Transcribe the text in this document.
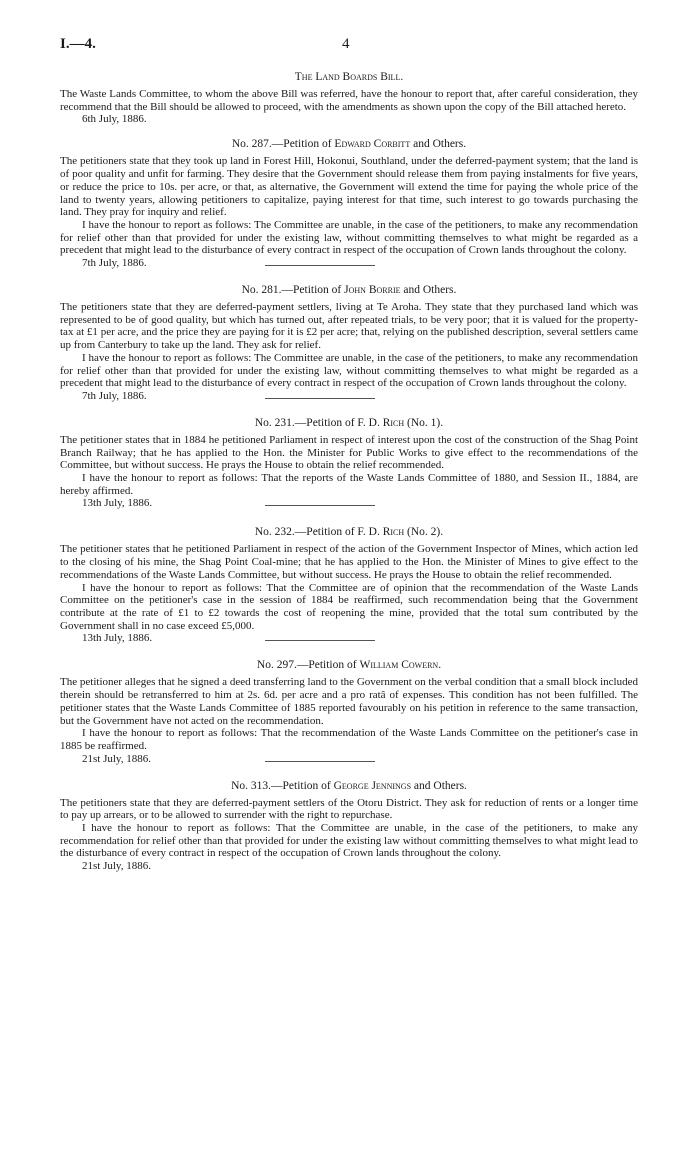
I.—4.	4
The Land Boards Bill.

The Waste Lands Committee, to whom the above Bill was referred, have the honour to report that, after careful consideration, they recommend that the Bill should be allowed to proceed, with the amendments as shown upon the copy of the Bill attached hereto.

6th July, 1886.
No. 287.—Petition of Edward Corbitt and Others.

The petitioners state that they took up land in Forest Hill, Hokonui, Southland, under the deferred-payment system; that the land is of poor quality and unfit for farming. They desire that the Government should release them from paying instalments for five years, or reduce the price to 10s. per acre, or that, as alternative, the Government will extend the time for paying the whole price of the land to twenty years, allowing petitioners to capitalize, paying interest for that time, such interest to go towards purchasing the land. They pray for inquiry and relief.

I have the honour to report as follows: The Committee are unable, in the case of the petitioners, to make any recommendation for relief other than that provided for under the existing law, without committing themselves to what might be regarded as a precedent that might lead to the disturbance of every contract in respect of the occupation of Crown lands throughout the colony.

7th July, 1886.
No. 281.—Petition of John Borrie and Others.

The petitioners state that they are deferred-payment settlers, living at Te Aroha. They state that they purchased land which was represented to be of good quality, but which has turned out, after repeated trials, to be very poor; that it is valued for the property-tax at £1 per acre, and the price they are paying for it is £2 per acre; that, relying on the published description, several settlers came up from Canterbury to take up the land. They ask for relief.

I have the honour to report as follows: The Committee are unable, in the case of the petitioners, to make any recommendation for relief other than that provided for under the existing law, without committing themselves to what might be regarded as a precedent that might lead to the disturbance of every contract in respect of the occupation of Crown lands throughout the colony.

7th July, 1886.
No. 231.—Petition of F. D. Rich (No. 1).

The petitioner states that in 1884 he petitioned Parliament in respect of interest upon the cost of the construction of the Shag Point Branch Railway; that he has applied to the Hon. the Minister for Public Works to give effect to the recommendations of the Committee, but without success. He prays the House to obtain the relief recommended.

I have the honour to report as follows: That the reports of the Waste Lands Committee of 1880, and Session II., 1884, are hereby affirmed.

13th July, 1886.
No. 232.—Petition of F. D. Rich (No. 2).

The petitioner states that he petitioned Parliament in respect of the action of the Government Inspector of Mines, which action led to the closing of his mine, the Shag Point Coal-mine; that he has applied to the Hon. the Minister of Mines to give effect to the recommendations of the Waste Lands Committee, but without success. He prays the House to obtain the relief recommended.

I have the honour to report as follows: That the Committee are of opinion that the recommendation of the Waste Lands Committee on the petitioner's case in the session of 1884 be reaffirmed, such recommendation being that the Government contribute at the rate of £1 to £2 towards the cost of reopening the mine, provided that the total sum contributed by the Government shall in no case exceed £5,000.

13th July, 1886.
No. 297.—Petition of William Cowern.

The petitioner alleges that he signed a deed transferring land to the Government on the verbal condition that a small block included therein should be retransferred to him at 2s. 6d. per acre and a pro ratâ of expenses. This condition has not been fulfilled. The petitioner states that the Waste Lands Committee of 1885 reported favourably on his petition in reference to the same transaction, but the Government have not acted on the recommendation.

I have the honour to report as follows: That the recommendation of the Waste Lands Committee on the petitioner's case in 1885 be reaffirmed.

21st July, 1886.
No. 313.—Petition of George Jennings and Others.

The petitioners state that they are deferred-payment settlers of the Otoru District. They ask for reduction of rents or a longer time to pay up arrears, or to be allowed to surrender with the right to repurchase.

I have the honour to report as follows: That the Committee are unable, in the case of the petitioners, to make any recommendation for relief other than that provided for under the existing law without committing themselves to what might lead to the disturbance of every contract in respect of the occupation of Crown lands throughout the colony.

21st July, 1886.
